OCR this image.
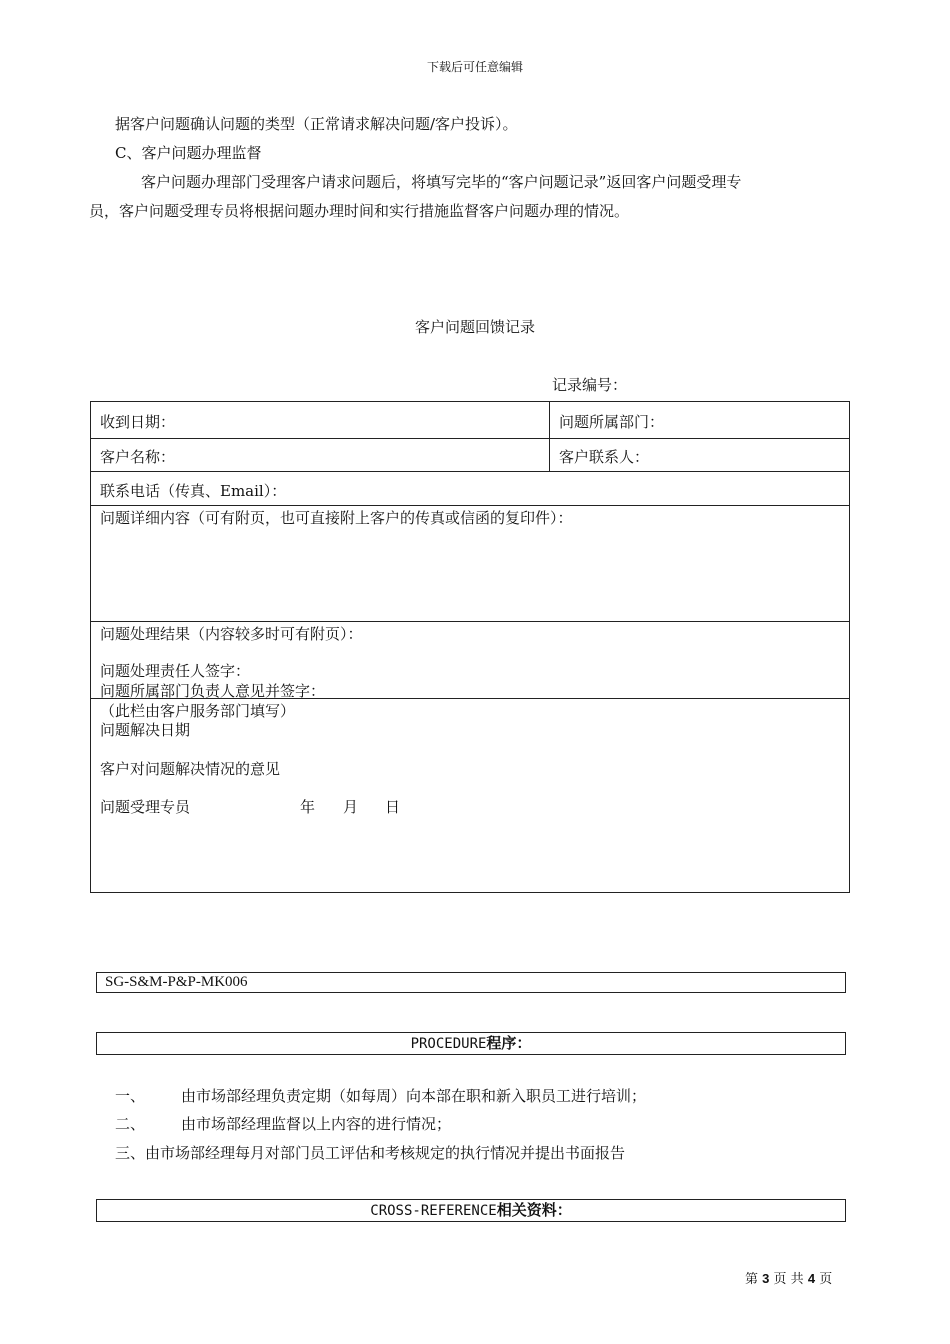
下载后可任意编辑
据客户问题确认问题的类型（正常请求解决问题/客户投诉）。
C、客户问题办理监督
客户问题办理部门受理客户请求问题后，将填写完毕的“客户问题记录”返回客户问题受理专
员，客户问题受理专员将根据问题办理时间和实行措施监督客户问题办理的情况。
客户问题回馈记录
记录编号：
收到日期：	问题所属部门：
客户名称：	客户联系人：
联系电话（传真、Email）：
问题详细内容（可有附页，也可直接附上客户的传真或信函的复印件）：
问题处理结果（内容较多时可有附页）：
问题处理责任人签字：
问题所属部门负责人意见并签字：
（此栏由客户服务部门填写）
问题解决日期
客户对问题解决情况的意见
问题受理专员	年 月 日
SG-S&M-P&P-MK006
PROCEDURE程序：
一、 由市场部经理负责定期（如每周）向本部在职和新入职员工进行培训；
二、 由市场部经理监督以上内容的进行情况；
三、由市场部经理每月对部门员工评估和考核规定的执行情况并提出书面报告
CROSS-REFERENCE相关资料：
第 3 页 共 4 页
